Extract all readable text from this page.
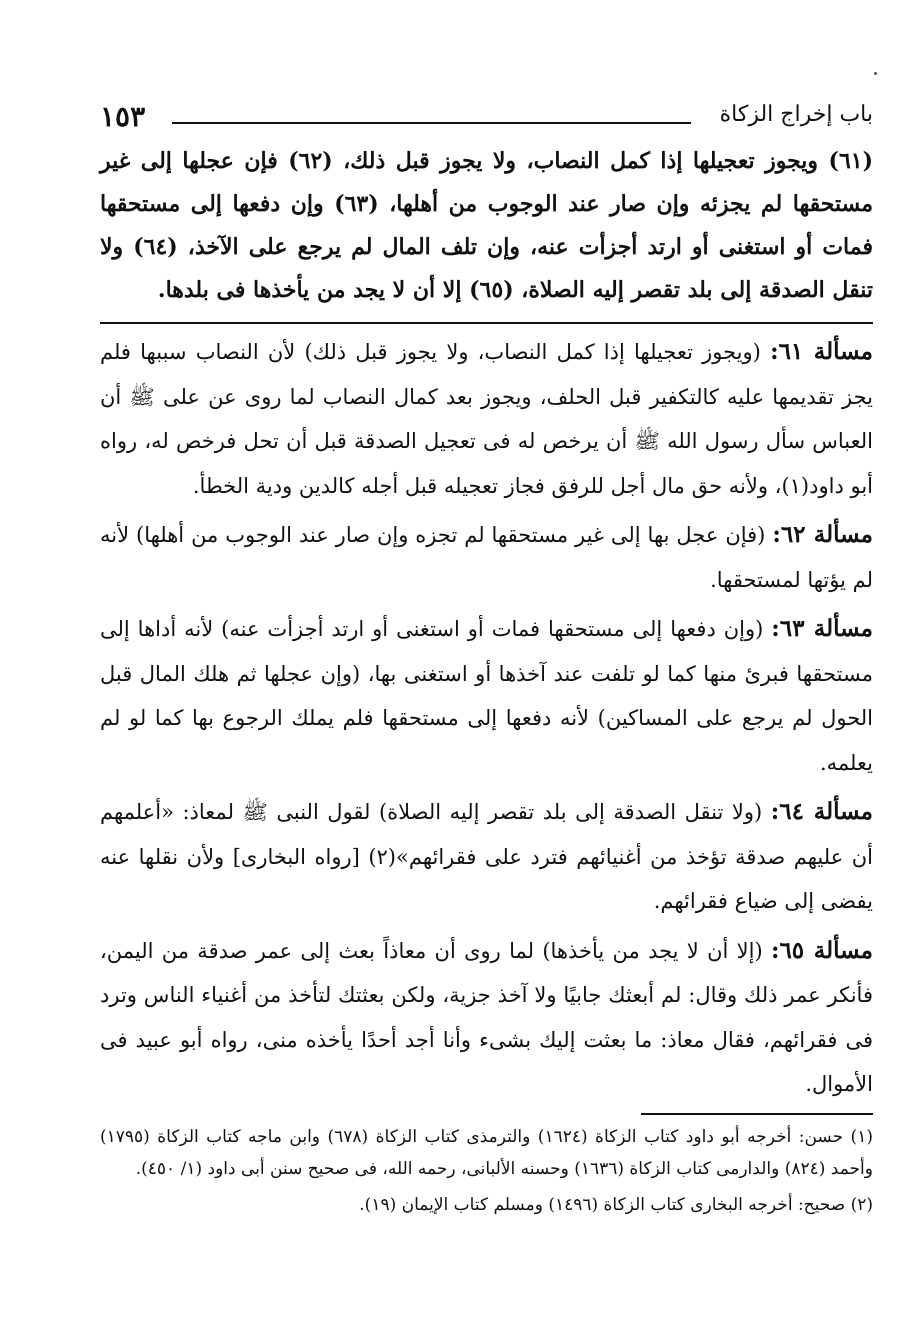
باب إخراج الزكاة
١٥٣

(٦١) ويجوز تعجيلها إذا كمل النصاب، ولا يجوز قبل ذلك، (٦٢) فإن عجلها إلى غير مستحقها لم يجزئه وإن صار عند الوجوب من أهلها، (٦٣) وإن دفعها إلى مستحقها فمات أو استغنى أو ارتد أجزأت عنه، وإن تلف المال لم يرجع على الآخذ، (٦٤) ولا تنقل الصدقة إلى بلد تقصر إليه الصلاة، (٦٥) إلا أن لا يجد من يأخذها فى بلدها.

مسألة ٦١: (ويجوز تعجيلها إذا كمل النصاب، ولا يجوز قبل ذلك) لأن النصاب سببها فلم يجز تقديمها عليه كالتكفير قبل الحلف، ويجوز بعد كمال النصاب لما روى عن على ﷺ أن العباس سأل رسول الله ﷺ أن يرخص له فى تعجيل الصدقة قبل أن تحل فرخص له، رواه أبو داود(١)، ولأنه حق مال أجل للرفق فجاز تعجيله قبل أجله كالدين ودية الخطأ.

مسألة ٦٢: (فإن عجل بها إلى غير مستحقها لم تجزه وإن صار عند الوجوب من أهلها) لأنه لم يؤتها لمستحقها.

مسألة ٦٣: (وإن دفعها إلى مستحقها فمات أو استغنى أو ارتد أجزأت عنه) لأنه أداها إلى مستحقها فبرئ منها كما لو تلفت عند آخذها أو استغنى بها، (وإن عجلها ثم هلك المال قبل الحول لم يرجع على المساكين) لأنه دفعها إلى مستحقها فلم يملك الرجوع بها كما لو لم يعلمه.

مسألة ٦٤: (ولا تنقل الصدقة إلى بلد تقصر إليه الصلاة) لقول النبى ﷺ لمعاذ: «أعلمهم أن عليهم صدقة تؤخذ من أغنيائهم فترد على فقرائهم»(٢) [رواه البخارى] ولأن نقلها عنه يفضى إلى ضياع فقرائهم.

مسألة ٦٥: (إلا أن لا يجد من يأخذها) لما روى أن معاذاً بعث إلى عمر صدقة من اليمن، فأنكر عمر ذلك وقال: لم أبعثك جابيًا ولا آخذ جزية، ولكن بعثتك لتأخذ من أغنياء الناس وترد فى فقرائهم، فقال معاذ: ما بعثت إليك بشىء وأنا أجد أحدًا يأخذه منى، رواه أبو عبيد فى الأموال.

(١) حسن: أخرجه أبو داود كتاب الزكاة (١٦٢٤) والترمذى كتاب الزكاة (٦٧٨) وابن ماجه كتاب الزكاة (١٧٩٥) وأحمد (٨٢٤) والدارمى كتاب الزكاة (١٦٣٦) وحسنه الألبانى، رحمه الله، فى صحيح سنن أبى داود (١/ ٤٥٠).

(٢) صحيح: أخرجه البخارى كتاب الزكاة (١٤٩٦) ومسلم كتاب الإيمان (١٩).
